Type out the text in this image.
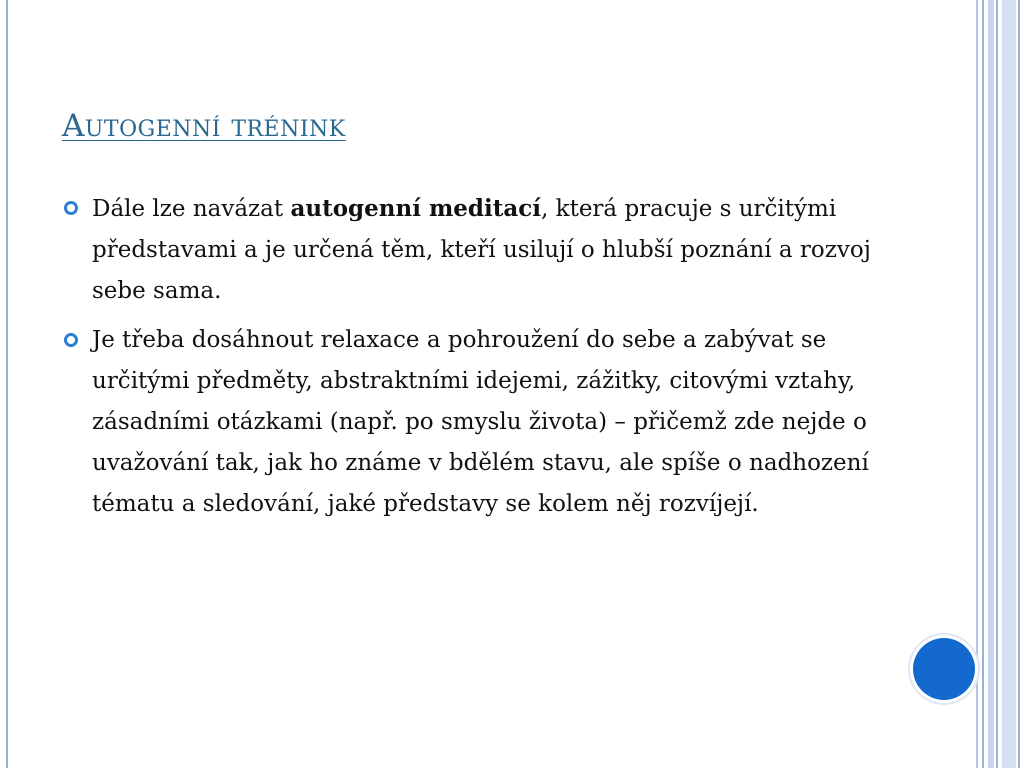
Autogenní trénink
Dále lze navázat autogenní meditací, která pracuje s určitými představami a je určená těm, kteří usilují o hlubší poznání a rozvoj sebe sama.
Je třeba dosáhnout relaxace a pohroužení do sebe a zabývat se určitými předměty, abstraktními idejemi, zážitky, citovými vztahy, zásadními otázkami (např. po smyslu života) – přičemž zde nejde o uvažování tak, jak ho známe v bdělém stavu, ale spíše o nadhození tématu a sledování, jaké představy se kolem něj rozvíjejí.
